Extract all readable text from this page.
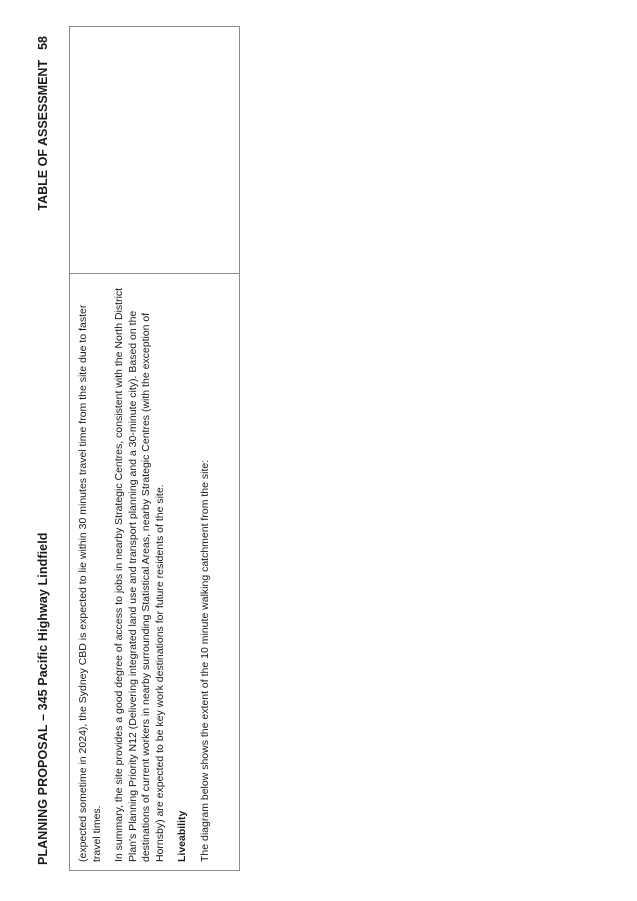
PLANNING PROPOSAL – 345 Pacific Highway Lindfield
TABLE OF ASSESSMENT58

(expected sometime in 2024), the Sydney CBD is expected to lie within 30 minutes travel time from the site due to faster travel times. In summary, the site provides a good degree of access to jobs in nearby Strategic Centres, consistent with the North District Plan's Planning Priority N12 (Delivering integrated land use and transport planning and a 30-minute city). Based on the destinations of current workers in nearby surrounding Statistical Areas, nearby Strategic Centres (with the exception of Hornsby) are expected to be key work destinations for future residents of the site. Liveability The diagram below shows the extent of the 10 minute walking catchment from the site:
